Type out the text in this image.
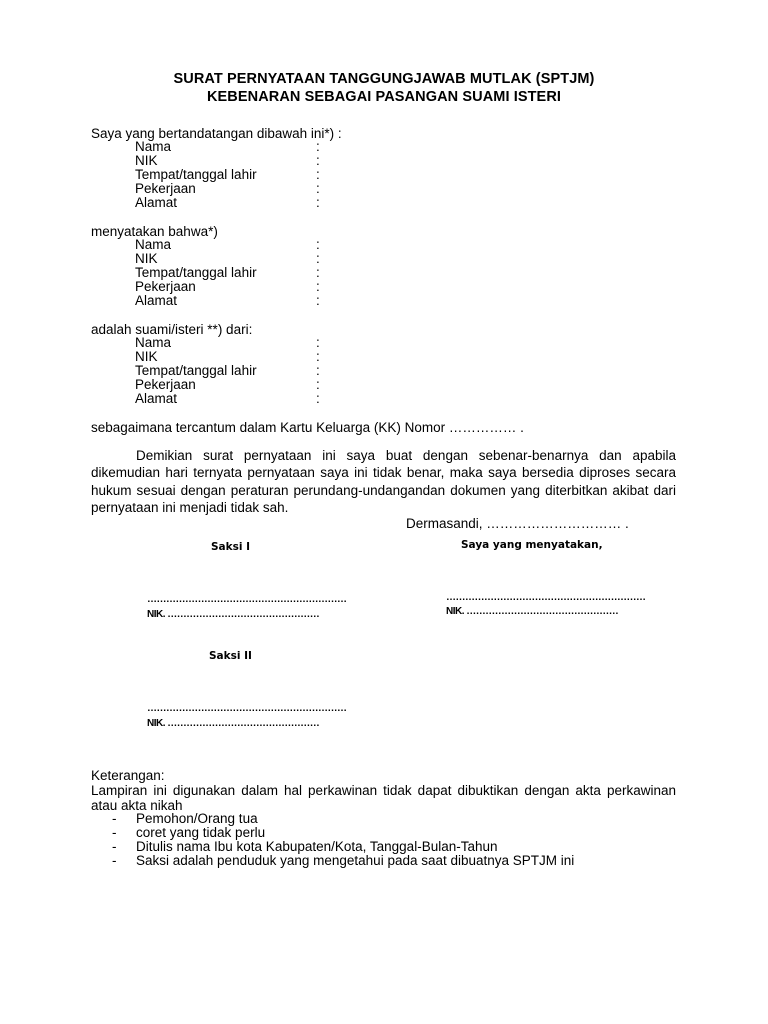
SURAT PERNYATAAN TANGGUNGJAWAB MUTLAK (SPTJM)
KEBENARAN SEBAGAI PASANGAN SUAMI ISTERI
Saya yang bertandatangan dibawah ini*) :
Nama	:
NIK	:
Tempat/tanggal lahir	:
Pekerjaan	:
Alamat	:
menyatakan bahwa*)
Nama	:
NIK	:
Tempat/tanggal lahir	:
Pekerjaan	:
Alamat	:
adalah suami/isteri **) dari:
Nama	:
NIK	:
Tempat/tanggal lahir	:
Pekerjaan	:
Alamat	:
sebagaimana tercantum dalam Kartu Keluarga (KK) Nomor …………… .
Demikian surat pernyataan ini saya buat dengan sebenar-benarnya dan apabila dikemudian hari ternyata pernyataan saya ini tidak benar, maka saya bersedia diproses secara hukum sesuai dengan peraturan perundang-undangandan dokumen yang diterbitkan akibat dari pernyataan ini menjadi tidak sah.
Dermasandi, ………………………… .
Saksi I	Saya yang menyatakan,
………………………………………………………
NIK. …………………………………………
………………………………………………………
NIK. …………………………………………
Saksi II
………………………………………………………
NIK. …………………………………………
Keterangan:
Lampiran ini digunakan dalam hal perkawinan tidak dapat dibuktikan dengan akta perkawinan atau akta nikah
- Pemohon/Orang tua
- coret yang tidak perlu
- Ditulis nama Ibu kota Kabupaten/Kota, Tanggal-Bulan-Tahun
- Saksi adalah penduduk yang mengetahui pada saat dibuatnya SPTJM ini
